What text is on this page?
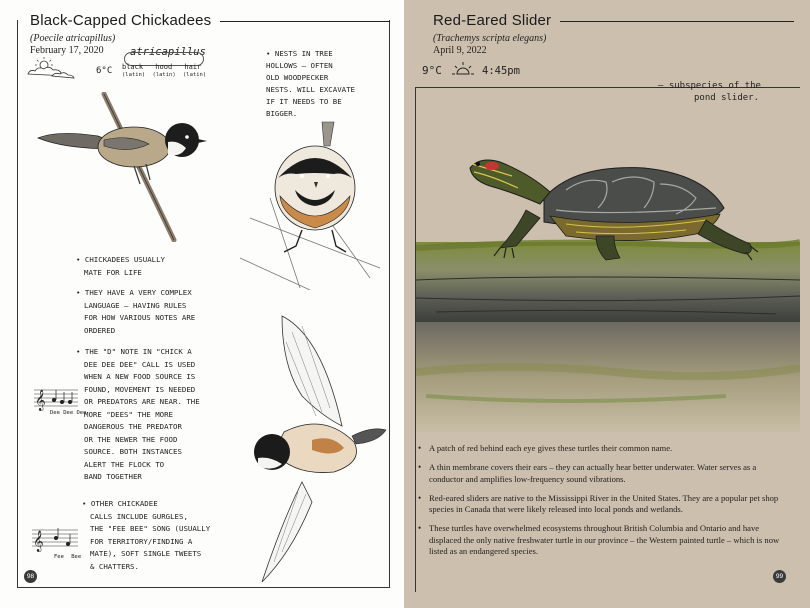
Black-Capped Chickadees
(Poecile atricapillus)
February 17, 2020
6°C
atricapillus
black hood hair
(latin) (latin) (latin)
• NESTS IN TREE
HOLLOWS – OFTEN
OLD WOODPECKER
NESTS. WILL EXCAVATE
IF IT NEEDS TO BE
BIGGER.
• CHICKADEES USUALLY
MATE FOR LIFE
• THEY HAVE A VERY COMPLEX
LANGUAGE – HAVING RULES
FOR HOW VARIOUS NOTES ARE
ORDERED
• THE "D" NOTE IN "CHICK A
DEE DEE DEE" CALL IS USED
WHEN A NEW FOOD SOURCE IS
FOUND, MOVEMENT IS NEEDED
OR PREDATORS ARE NEAR. THE
MORE "DEES" THE MORE
DANGEROUS THE PREDATOR
OR THE NEWER THE FOOD
SOURCE. BOTH INSTANCES
ALERT THE FLOCK TO
BAND TOGETHER
• OTHER CHICKADEE
CALLS INCLUDE GURGLES,
THE "FEE BEE" SONG (USUALLY
FOR TERRITORY/FINDING A
MATE), SOFT SINGLE TWEETS
& CHATTERS.
𝄞
Dee Dee Dee
𝄞
Fee Bee
98
Red-Eared Slider
(Trachemys scripta elegans)
April 9, 2022
9°C	4:45pm
– subspecies of the
pond slider.
• A patch of red behind each eye gives these turtles their common name.
• A thin membrane covers their ears – they can actually hear better underwater. Water serves as a conductor and amplifies low-frequency sound vibrations.
• Red-eared sliders are native to the Mississippi River in the United States. They are a popular pet shop species in Canada that were likely released into local ponds and wetlands.
• These turtles have overwhelmed ecosystems throughout British Columbia and Ontario and have displaced the only native freshwater turtle in our province – the Western painted turtle – which is now listed as an endangered species.
99
